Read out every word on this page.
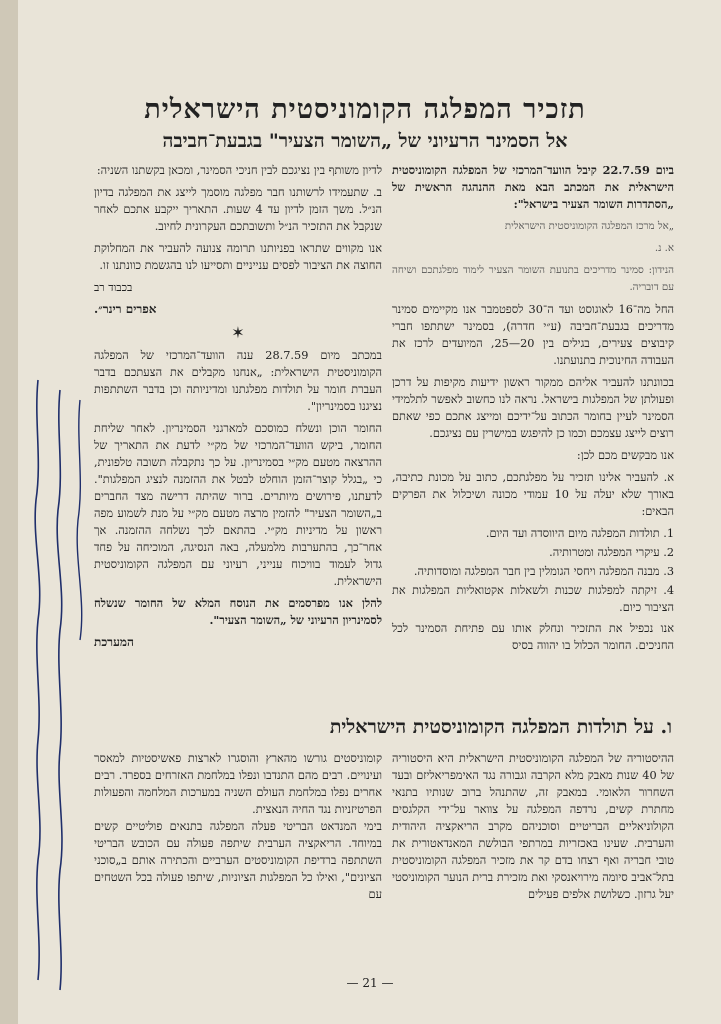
תזכיר המפלגה הקומוניסטית הישראלית
אל הסמינר הרעיוני של „השומר הצעיר" בגבעת־חביבה

ביום 22.7.59 קיבל הוועד־המרכזי של המפלגה הקומוניסטית הישראלית את המכתב הבא מאת ההנהגה הראשית של „הסתדרות השומר הצעיר בישראל":

„אל מרכז המפלגה הקומוניסטית הישראלית

א. נ.

הנידון: סמינר מדריכים בתנועת השומר הצעיר לימוד מפלגתכם ושיחה עם דובריה.

החל מה־16 לאוגוסט ועד ה־30 לספטמבר אנו מקיימים סמינר מדריכים בגבעת־חביבה (ע״י חדרה), בסמינר ישתתפו חברי קיבוצים צעירים, בגילים בין 20—25, המיועדים לרכז את העבודה החינוכית בתנועתנו.

בכוונתנו להעביר אליהם ממקור ראשון ידיעות מקיפות על דרכן ופעולתן של המפלגות בישראל. נראה לנו כחשוב לאפשר לתלמידי הסמינר לעיין בחומר הכתוב על־ידיכם ומייצג אתכם כפי שאתם רוצים לייצג עצמכם וכמו כן להיפגש במישרין עם נציגכם.

אנו מבקשים מכם לכן:

א. להעביר אלינו תזכיר על מפלגתכם, כתוב על מכונת כתיבה, באורך שלא יעלה על 10 עמודי מכונה ושיכלול את הפרקים הבאים:

1. תולדות המפלגה מיום היווסדה ועד היום.
2. עיקרי המפלגה ומטרותיה.
3. מבנה המפלגה ויחסי הגומלין בין חבר המפלגה ומוסדותיה.
4. זיקתה למפלגות שכנות ולשאלות אקטואליות המפלגות את הציבור כיום.

אנו נכפיל את התזכיר ונחלק אותו עם פתיחת הסמינר לכל החניכים. החומר הכלול בו יהווה בסיס

לדיון משותף בין נציגכם לבין חניכי הסמינר, ומכאן בקשתנו השניה:

ב. שתעמידו לרשותנו חבר מפלגה מוסמך לייצג את המפלגה בדיון הנ״ל. משך הזמן לדיון עד 4 שעות. התאריך ייקבע אתכם לאחר שנקבל את התזכיר הנ״ל ותשובתכם העקרונית לחיוב.

אנו מקווים שתראו בפניותנו תרומה צנועה להעביר את המחלוקת החוצה את הציבור לפסים ענייניים ותסייעו לנו בהגשמת כוונתנו זו.

בכבוד רב

אפרים רינר״.

✶

במכתב מיום 28.7.59 ענה הוועד־המרכזי של המפלגה הקומוניסטית הישראלית: „אנחנו מקבלים את הצעתכם בדבר העברת חומר על תולדות מפלגתנו ומדיניותה וכן בדבר השתתפות נציגנו בסמינריון".

החומר הוכן ונשלח כמוסכם למארגני הסמינריון. לאחר שליחת החומר, ביקש הוועד־המרכזי של מק״י לדעת את התאריך של ההרצאה מטעם מק״י בסמינריון. על כך נתקבלה תשובה טלפונית, כי „בגלל קוצר־הזמן הוחלט לבטל את ההזמנה לנציג המפלגות". לדעתנו, פירושים מיותרים. ברור שהיתה דרישה מצד החברים ב„השומר הצעיר" להזמין מרצה מטעם מק״י על מנת לשמוע מפה ראשון על מדיניות מק״י. בהתאם לכך נשלחה ההזמנה. אך אחר־כך, בהתערבות מלמעלה, באה הנסיגה, המוכיחה על פחד גדול לעמוד בוויכוח ענייני, רעיוני עם המפלגה הקומוניסטית הישראלית.

להלן אנו מפרסמים את הנוסח המלא של החומר שנשלח לסמינריון הרעיוני של „השומר הצעיר".

המערכת

ו. על תולדות המפלגה הקומוניסטית הישראלית

ההיסטוריה של המפלגה הקומוניסטית הישראלית היא היסטוריה של 40 שנות מאבק מלא הקרבה וגבורה נגד האימפריאליזם ובעד השחרור הלאומי. במאבק זה, שהתנהל ברוב שנותיו בתנאי מחתרת קשים, נרדפה המפלגה על צוואר על־ידי הקלגסים הקולוניאליים הבריטיים וסוכניהם מקרב הריאקציה היהודית והערבית. שעינו באכזריות במרתפי הבולשת המאנדאטורית את טובי חבריה ואף רצחו בדם קר את מזכיר המפלגה הקומוניסטית בתל־אביב סיומה מירויאנסקי ואת מזכירת ברית הנוער הקומוניסטי יעל גרזון. כשלושת אלפים פעילים

קומוניסטים גורשו מהארץ והוסגרו לארצות פאשיסטיות למאסר ועינויים. רבים מהם התנדבו ונפלו במלחמת האזרחים בספרד. רבים אחרים נפלו במלחמת העולם השניה במערכות המלחמה והפעולות הפרטיזניות נגד החיה הנאצית.
בימי המנדאט הבריטי פעלה המפלגה בתנאים פוליטיים קשים במיוחד. הריאקציה הערבית שיתפה פעולה עם הכובש הבריטי השתתפה ברדיפת הקומוניסטים הערביים והכתירה אותם ב„סוכני הציונים", ואילו כל המפלגות הציוניות, שיתפו פעולה בכל השטחים עם

— 21 —
